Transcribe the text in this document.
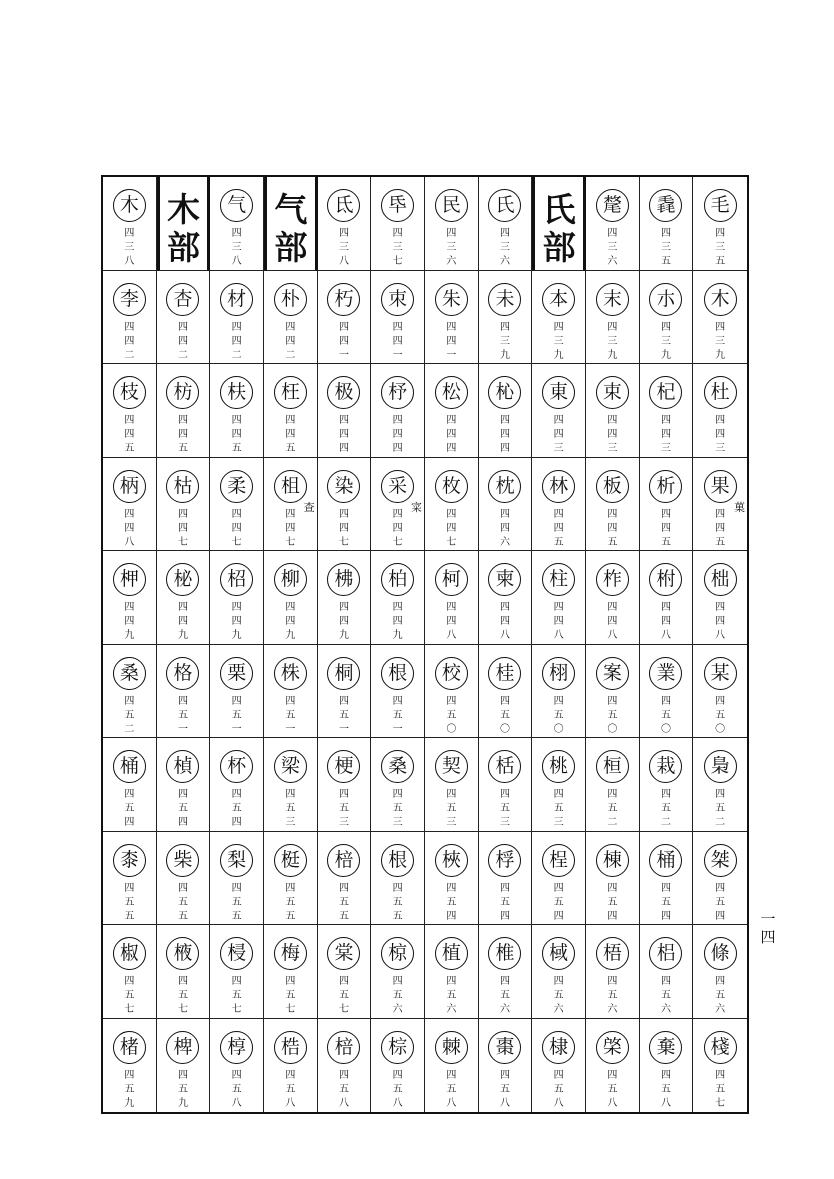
木
四三八
木部
气
四三八
气部
氐
四三八
氒
四三七
民
四三六
氏
四三六
氏部
氂
四三六
毳
四三五
毛
四三五
李
四四二
杏
四四二
材
四四二
朴
四四二
朽
四四一
朿
四四一
朱
四四一
未
四三九
本
四三九
末
四三九
朩
四三九
木
四三九
枝
四四五
枋
四四五
枎
四四五
枉
四四五
极
四四四
杼
四四四
松
四四四
杺
四四四
東
四四三
束
四四三
杞
四四三
杜
四四三
柄
四四八
枯
四四七
柔
四四七
柤
四四七
查
染
四四七
采
四四七
寀
枚
四四七
枕
四四六
林
四四五
板
四四五
析
四四五
果
四四五
菓
柙
四四九
柲
四四九
柖
四四九
柳
四四九
柫
四四九
柏
四四九
柯
四四八
柬
四四八
柱
四四八
柞
四四八
柎
四四八
柮
四四八
桑
四五二
格
四五一
栗
四五一
株
四五一
桐
四五一
根
四五一
校
四五〇
桂
四五〇
栩
四五〇
案
四五〇
業
四五〇
某
四五〇
桶
四五四
楨
四五四
杯
四五四
梁
四五三
梗
四五三
桑
四五三
契
四五三
栝
四五三
桃
四五三
桓
四五二
栽
四五二
梟
四五二
桼
四五五
柴
四五五
梨
四五五
梃
四五五
棓
四五五
根
四五五
梜
四五四
桴
四五四
桯
四五四
棟
四五四
桶
四五四
桀
四五四
椒
四五七
棭
四五七
梫
四五七
梅
四五七
棠
四五七
椋
四五六
植
四五六
椎
四五六
棫
四五六
梧
四五六
梠
四五六
條
四五六
楮
四五九
椑
四五九
椁
四五八
梏
四五八
棓
四五八
棕
四五八
棘
四五八
棗
四五八
棣
四五八
棨
四五八
棄
四五八
棧
四五七
一四
